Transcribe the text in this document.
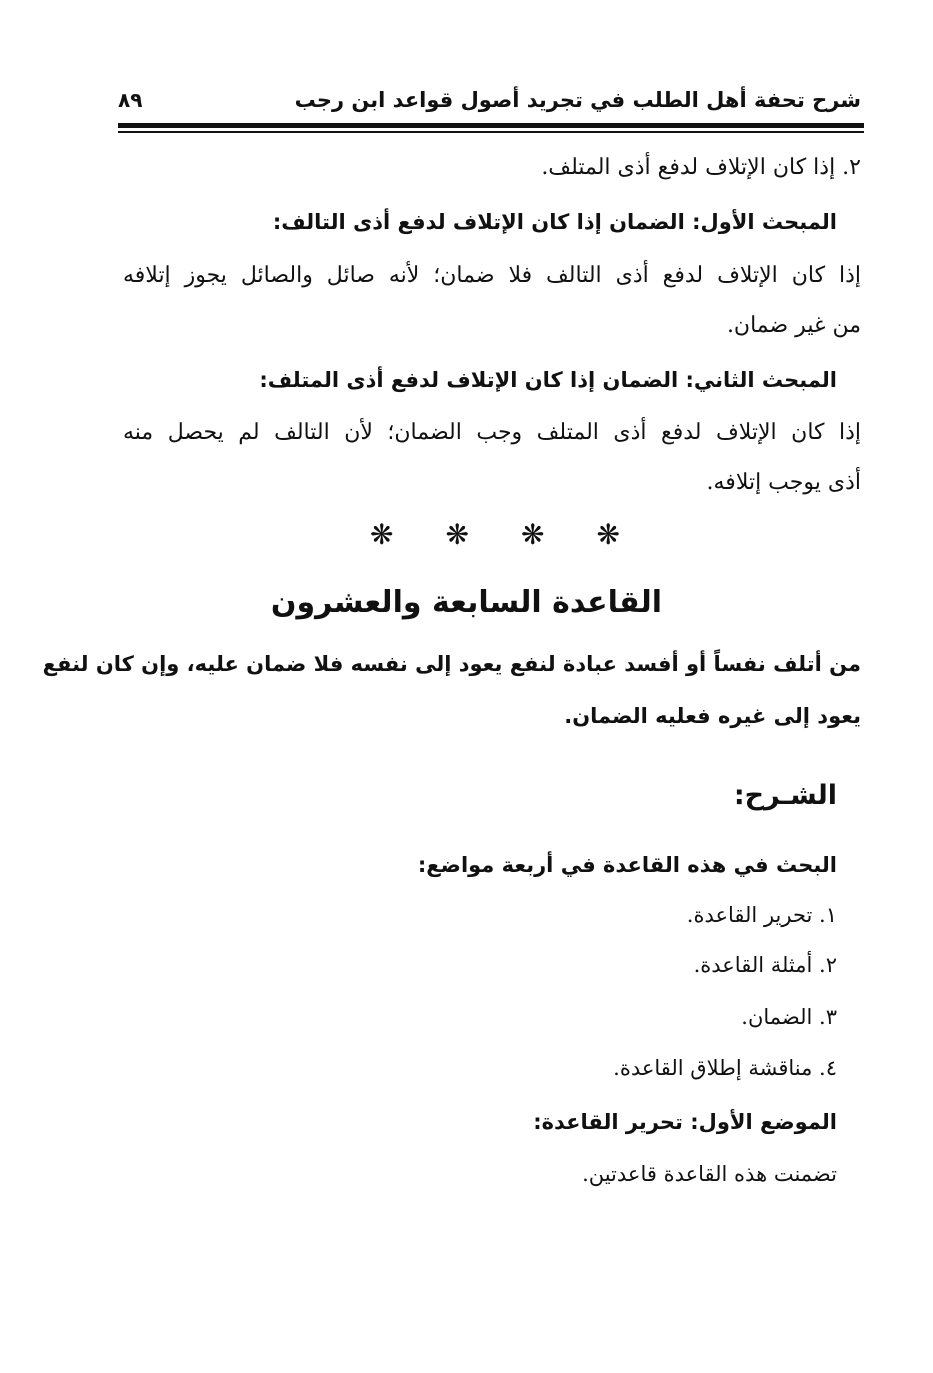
شرح تحفة أهل الطلب في تجريد أصول قواعد ابن رجب
٨٩
٢. إذا كان الإتلاف لدفع أذى المتلف.
المبحث الأول: الضمان إذا كان الإتلاف لدفع أذى التالف:
إذا كان الإتلاف لدفع أذى التالف فلا ضمان؛ لأنه صائل والصائل يجوز إتلافه
من غير ضمان.
المبحث الثاني: الضمان إذا كان الإتلاف لدفع أذى المتلف:
إذا كان الإتلاف لدفع أذى المتلف وجب الضمان؛ لأن التالف لم يحصل منه
أذى يوجب إتلافه.
❋ ❋ ❋ ❋
القاعدة السابعة والعشرون
من أتلف نفساً أو أفسد عبادة لنفع يعود إلى نفسه فلا ضمان عليه، وإن كان لنفع
يعود إلى غيره فعليه الضمان.
الشـرح:
البحث في هذه القاعدة في أربعة مواضع:
١. تحرير القاعدة.
٢. أمثلة القاعدة.
٣. الضمان.
٤. مناقشة إطلاق القاعدة.
الموضع الأول: تحرير القاعدة:
تضمنت هذه القاعدة قاعدتين.
